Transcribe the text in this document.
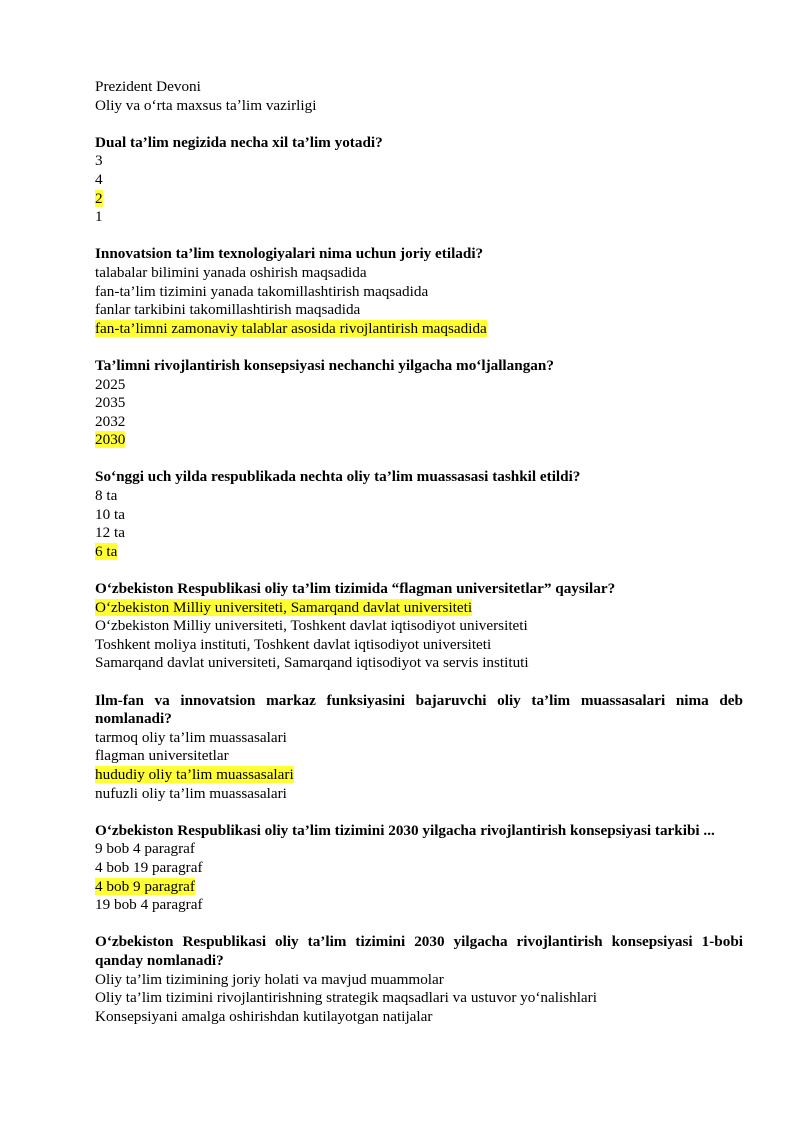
Prezident Devoni
Oliy va oʻrta maxsus taʼlim vazirligi
Dual ta’lim negizida necha xil ta’lim yotadi?
3
4
2
1
Innovatsion ta’lim texnologiyalari nima uchun joriy etiladi?
talabalar bilimini yanada oshirish maqsadida
fan-ta’lim tizimini yanada takomillashtirish maqsadida
fanlar tarkibini takomillashtirish maqsadida
fan-ta’limni zamonaviy talablar asosida rivojlantirish maqsadida
Ta’limni rivojlantirish konsepsiyasi nechanchi yilgacha mo‘ljallangan?
2025
2035
2032
2030
So‘nggi uch yilda respublikada nechta oliy ta’lim muassasasi tashkil etildi?
8 ta
10 ta
12 ta
6 ta
O‘zbekiston Respublikasi oliy ta’lim tizimida “flagman universitetlar” qaysilar?
O‘zbekiston Milliy universiteti, Samarqand davlat universiteti
O‘zbekiston Milliy universiteti, Toshkent davlat iqtisodiyot universiteti
Toshkent moliya instituti, Toshkent davlat iqtisodiyot universiteti
Samarqand davlat universiteti, Samarqand iqtisodiyot va servis instituti
Ilm-fan va innovatsion markaz funksiyasini bajaruvchi oliy ta’lim muassasalari nima deb nomlanadi?
tarmoq oliy ta’lim muassasalari
flagman universitetlar
hududiy oliy ta’lim muassasalari
nufuzli oliy ta’lim muassasalari
O‘zbekiston Respublikasi oliy ta’lim tizimini 2030 yilgacha rivojlantirish konsepsiyasi tarkibi ...
9 bob 4 paragraf
4 bob 19 paragraf
4 bob 9 paragraf
19 bob 4 paragraf
O‘zbekiston Respublikasi oliy ta’lim tizimini 2030 yilgacha rivojlantirish konsepsiyasi 1-bobi qanday nomlanadi?
Oliy ta’lim tizimining joriy holati va mavjud muammolar
Oliy ta’lim tizimini rivojlantirishning strategik maqsadlari va ustuvor yo‘nalishlari
Konsepsiyani amalga oshirishdan kutilayotgan natijalar
